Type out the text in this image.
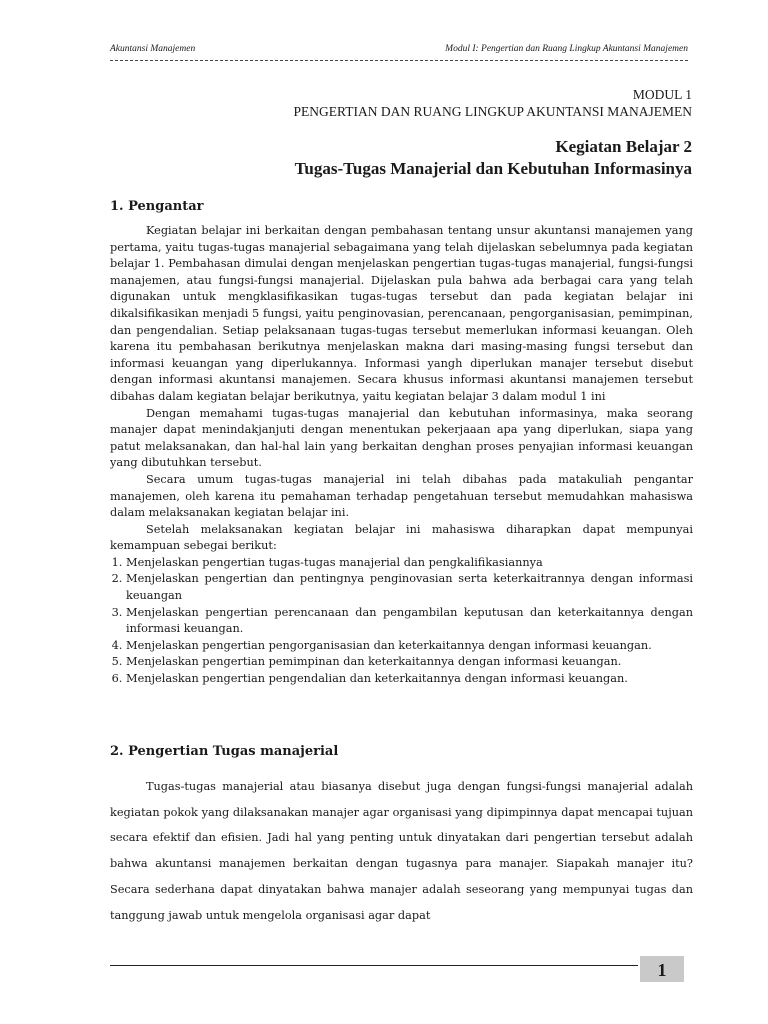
Akuntansi Manajemen	Modul I: Pengertian dan Ruang Lingkup Akuntansi Manajemen
MODUL 1
PENGERTIAN DAN RUANG LINGKUP AKUNTANSI MANAJEMEN
Kegiatan Belajar 2
Tugas-Tugas Manajerial dan Kebutuhan Informasinya
1. Pengantar

Kegiatan belajar ini berkaitan dengan pembahasan tentang unsur akuntansi manajemen yang pertama, yaitu tugas-tugas manajerial sebagaimana yang telah dijelaskan sebelumnya pada kegiatan belajar 1. Pembahasan dimulai dengan menjelaskan pengertian tugas-tugas manajerial, fungsi-fungsi manajemen, atau fungsi-fungsi manajerial. Dijelaskan pula bahwa ada berbagai cara yang telah digunakan untuk mengklasifikasikan tugas-tugas tersebut dan pada kegiatan belajar ini dikalsifikasikan menjadi 5 fungsi, yaitu penginovasian, perencanaan, pengorganisasian, pemimpinan, dan pengendalian. Setiap pelaksanaan tugas-tugas tersebut memerlukan informasi keuangan. Oleh karena itu pembahasan berikutnya menjelaskan makna dari masing-masing fungsi tersebut dan informasi keuangan yang diperlukannya. Informasi yangh diperlukan manajer tersebut disebut dengan informasi akuntansi manajemen. Secara khusus informasi akuntansi manajemen tersebut dibahas dalam kegiatan belajar berikutnya, yaitu kegiatan belajar 3 dalam modul 1 ini

Dengan memahami tugas-tugas manajerial dan kebutuhan informasinya, maka seorang manajer dapat menindakjanjuti dengan menentukan pekerjaaan apa yang diperlukan, siapa yang patut melaksanakan, dan hal-hal lain yang berkaitan denghan proses penyajian informasi keuangan yang dibutuhkan tersebut.

Secara umum tugas-tugas manajerial ini telah dibahas pada matakuliah pengantar manajemen, oleh karena itu pemahaman terhadap pengetahuan tersebut memudahkan mahasiswa dalam melaksanakan kegiatan belajar ini.

Setelah melaksanakan kegiatan belajar ini mahasiswa diharapkan dapat mempunyai kemampuan sebegai berikut:

1. Menjelaskan pengertian tugas-tugas manajerial dan pengkalifikasiannya
2. Menjelaskan pengertian dan pentingnya penginovasian serta keterkaitrannya dengan informasi keuangan
3. Menjelaskan pengertian perencanaan dan pengambilan keputusan dan keterkaitannya dengan informasi keuangan.
4. Menjelaskan pengertian pengorganisasian dan keterkaitannya dengan informasi keuangan.
5. Menjelaskan pengertian pemimpinan dan keterkaitannya dengan informasi keuangan.
6. Menjelaskan pengertian pengendalian dan keterkaitannya dengan informasi keuangan.
2. Pengertian Tugas manajerial

Tugas-tugas manajerial atau biasanya disebut juga dengan fungsi-fungsi manajerial adalah kegiatan pokok yang dilaksanakan manajer agar organisasi yang dipimpinnya dapat mencapai tujuan secara efektif dan efisien. Jadi hal yang penting untuk dinyatakan dari pengertian tersebut adalah bahwa akuntansi manajemen berkaitan dengan tugasnya para manajer. Siapakah manajer itu? Secara sederhana dapat dinyatakan bahwa manajer adalah seseorang yang mempunyai tugas dan tanggung jawab untuk mengelola organisasi agar dapat

1
